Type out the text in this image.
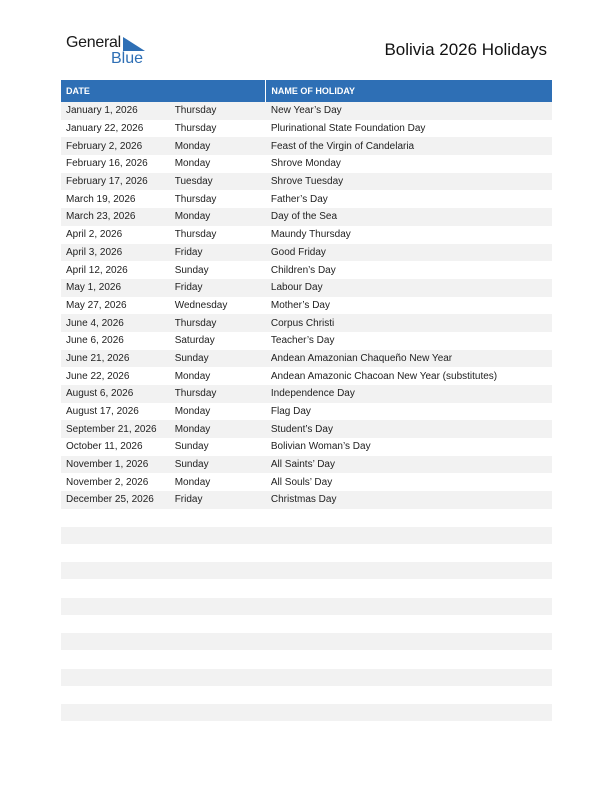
General
Blue	Bolivia 2026 Holidays
DATE		NAME OF HOLIDAY
January 1, 2026	Thursday	New Year’s Day
January 22, 2026	Thursday	Plurinational State Foundation Day
February 2, 2026	Monday	Feast of the Virgin of Candelaria
February 16, 2026	Monday	Shrove Monday
February 17, 2026	Tuesday	Shrove Tuesday
March 19, 2026	Thursday	Father’s Day
March 23, 2026	Monday	Day of the Sea
April 2, 2026	Thursday	Maundy Thursday
April 3, 2026	Friday	Good Friday
April 12, 2026	Sunday	Children’s Day
May 1, 2026	Friday	Labour Day
May 27, 2026	Wednesday	Mother’s Day
June 4, 2026	Thursday	Corpus Christi
June 6, 2026	Saturday	Teacher’s Day
June 21, 2026	Sunday	Andean Amazonian Chaqueño New Year
June 22, 2026	Monday	Andean Amazonic Chacoan New Year (substitutes)
August 6, 2026	Thursday	Independence Day
August 17, 2026	Monday	Flag Day
September 21, 2026	Monday	Student’s Day
October 11, 2026	Sunday	Bolivian Woman’s Day
November 1, 2026	Sunday	All Saints’ Day
November 2, 2026	Monday	All Souls’ Day
December 25, 2026	Friday	Christmas Day
